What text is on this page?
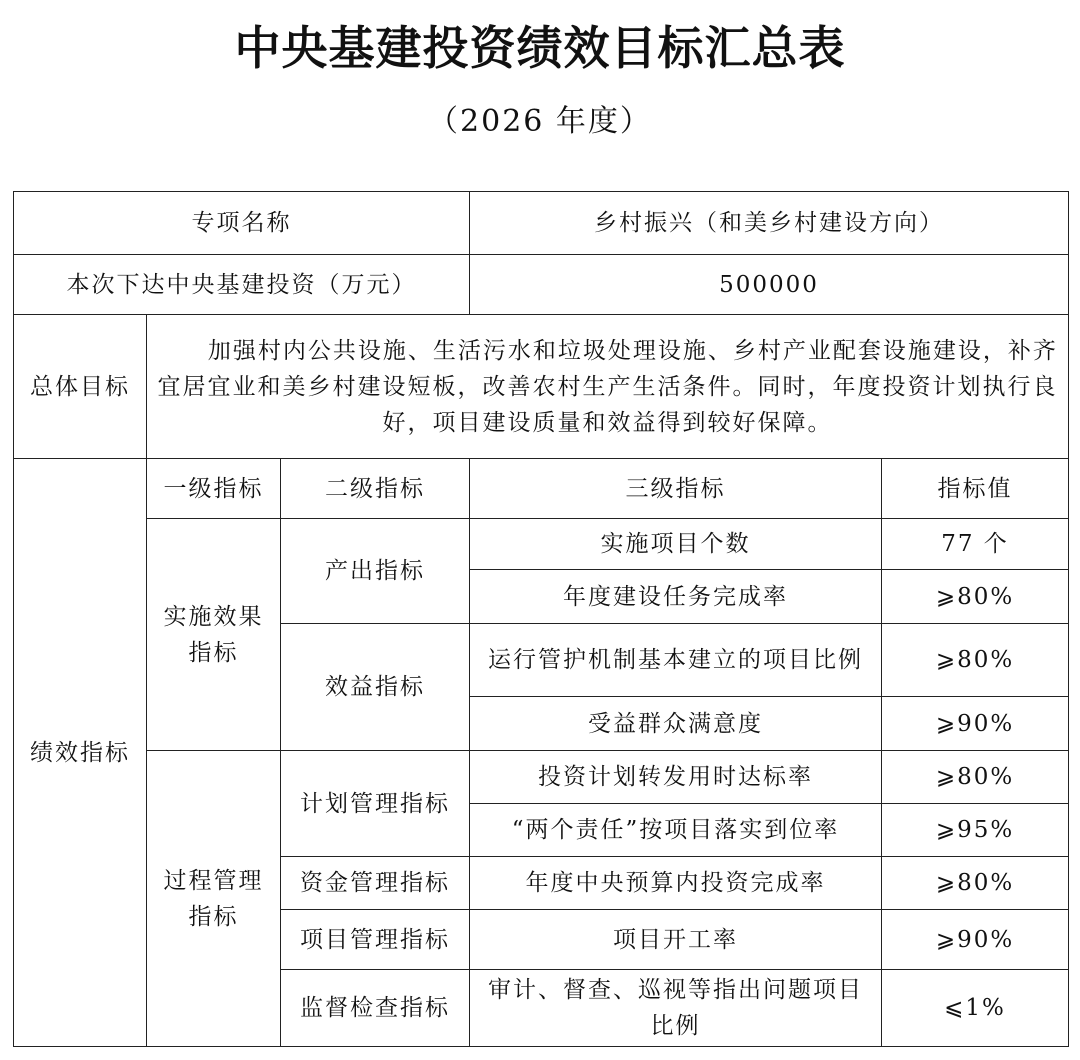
中央基建投资绩效目标汇总表
（2026 年度）
专项名称			乡村振兴（和美乡村建设方向）	
本次下达中央基建投资（万元）			500000	
总体目标	加强村内公共设施、生活污水和垃圾处理设施、乡村产业配套设施建设，补齐宜居宜业和美乡村建设短板，改善农村生产生活条件。同时，年度投资计划执行良好，项目建设质量和效益得到较好保障。			
绩效指标	一级指标	二级指标	三级指标	指标值
	实施效果指标	产出指标	实施项目个数	77 个
			年度建设任务完成率	⩾80%
		效益指标	运行管护机制基本建立的项目比例	⩾80%
			受益群众满意度	⩾90%
	过程管理指标	计划管理指标	投资计划转发用时达标率	⩾80%
			“两个责任”按项目落实到位率	⩾95%
		资金管理指标	年度中央预算内投资完成率	⩾80%
		项目管理指标	项目开工率	⩾90%
		监督检查指标	审计、督查、巡视等指出问题项目比例	⩽1%
